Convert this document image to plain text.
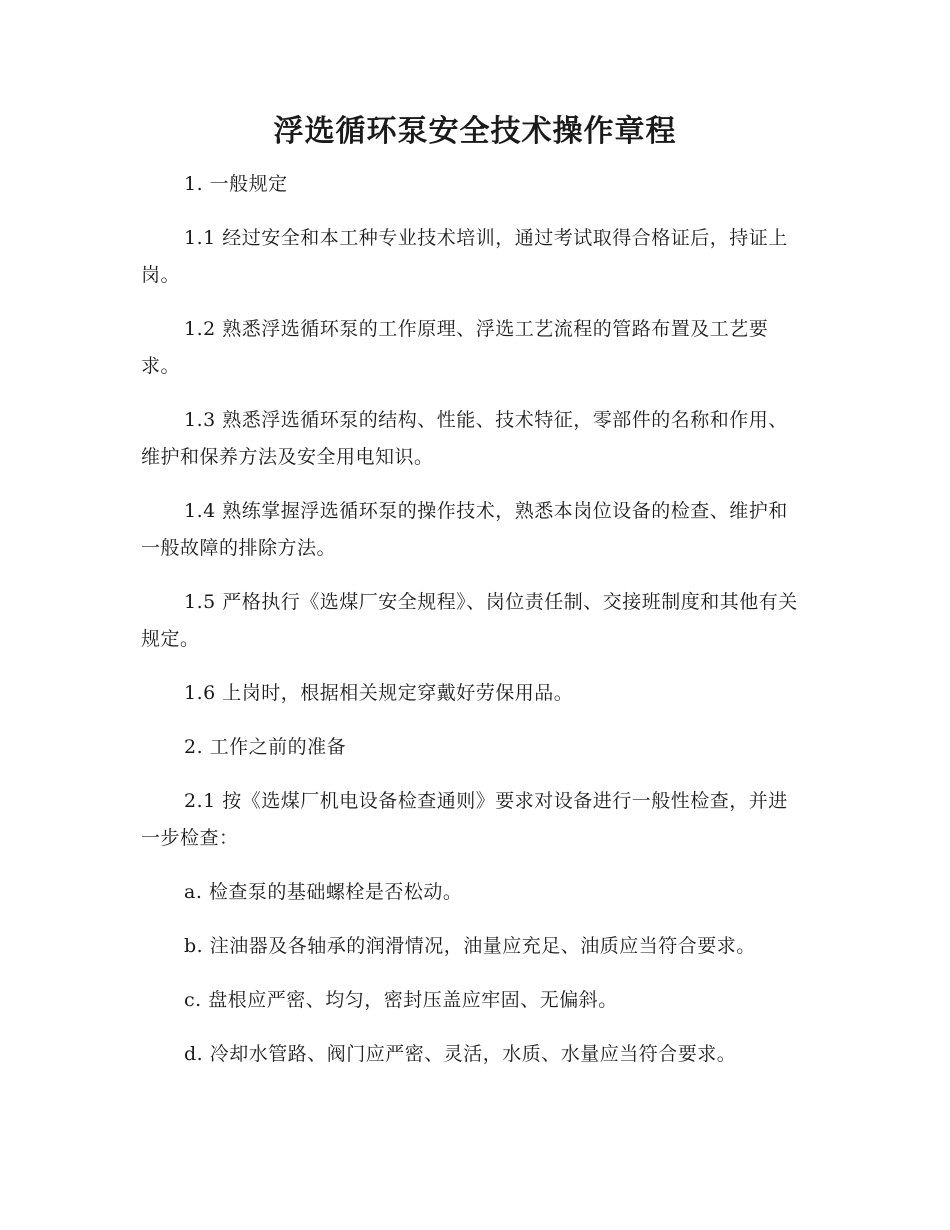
浮选循环泵安全技术操作章程

1. 一般规定

1.1 经过安全和本工种专业技术培训，通过考试取得合格证后，持证上岗。

1.2 熟悉浮选循环泵的工作原理、浮选工艺流程的管路布置及工艺要求。

1.3 熟悉浮选循环泵的结构、性能、技术特征，零部件的名称和作用、维护和保养方法及安全用电知识。

1.4 熟练掌握浮选循环泵的操作技术，熟悉本岗位设备的检查、维护和一般故障的排除方法。

1.5 严格执行《选煤厂安全规程》、岗位责任制、交接班制度和其他有关规定。

1.6 上岗时，根据相关规定穿戴好劳保用品。

2. 工作之前的准备

2.1 按《选煤厂机电设备检查通则》要求对设备进行一般性检查，并进一步检查：

a. 检查泵的基础螺栓是否松动。

b. 注油器及各轴承的润滑情况，油量应充足、油质应当符合要求。

c. 盘根应严密、均匀，密封压盖应牢固、无偏斜。

d. 冷却水管路、阀门应严密、灵活，水质、水量应当符合要求。
